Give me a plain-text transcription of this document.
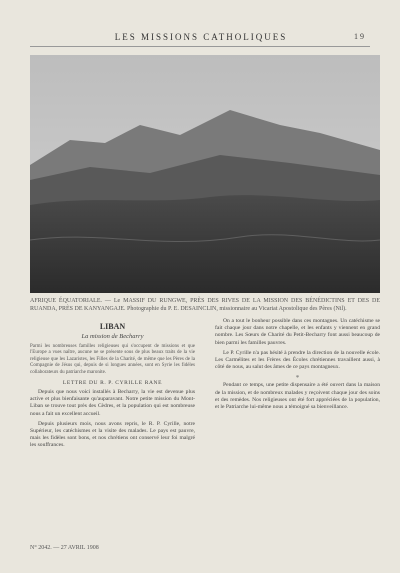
LES MISSIONS CATHOLIQUES	1 9
AFRIQUE ÉQUATORIALE. — Le MASSIF DU RUNGWE, PRÈS DES RIVES DE LA MISSION DES BÉNÉDICTINS ET DES DE RUANDA, PRÈS DE KANYANGAJE. Photographie du P. E. DESAINCLIN, missionnaire au Vicariat Apostolique des Pères (Nil).
LIBAN
La mission de Becharry
Parmi les nombreuses familles religieuses qui s'occupent de missions et que l'Europe a vues naître, aucune ne se présente sous de plus beaux traits de la vie religieuse que les Lazaristes, les Filles de la Charité, de même que les Pères de la Compagnie de Jésus qui, depuis de si longues années, sont en Syrie les fidèles collaborateurs du patriarche maronite.
LETTRE DU R. P. CYRILLE RANE
Depuis que nous voici installés à Becharry, la vie est devenue plus active et plus bienfaisante qu'auparavant. Notre petite mission du Mont-Liban se trouve tout près des Cèdres, et la population qui est nombreuse nous a fait un excellent accueil.
Depuis plusieurs mois, nous avons repris, le R. P. Cyrille, notre Supérieur, les catéchismes et la visite des malades. Le pays est pauvre, mais les fidèles sont bons, et nos chrétiens ont conservé leur foi malgré les souffrances.
On a tout le bonheur possible dans ces montagnes. Un catéchisme se fait chaque jour dans notre chapelle, et les enfants y viennent en grand nombre. Les Sœurs de Charité du Petit-Becharry font aussi beaucoup de bien parmi les familles pauvres.
Le P. Cyrille n'a pas hésité à prendre la direction de la nouvelle école. Les Carmélites et les Frères des Écoles chrétiennes travaillent aussi, à côté de nous, au salut des âmes de ce pays montagneux.
*
Pendant ce temps, une petite dispensaire a été ouvert dans la maison de la mission, et de nombreux malades y reçoivent chaque jour des soins et des remèdes. Nos religieuses ont été fort appréciées de la population, et le Patriarche lui-même nous a témoigné sa bienveillance.
N° 2042. — 27 AVRIL 1908
